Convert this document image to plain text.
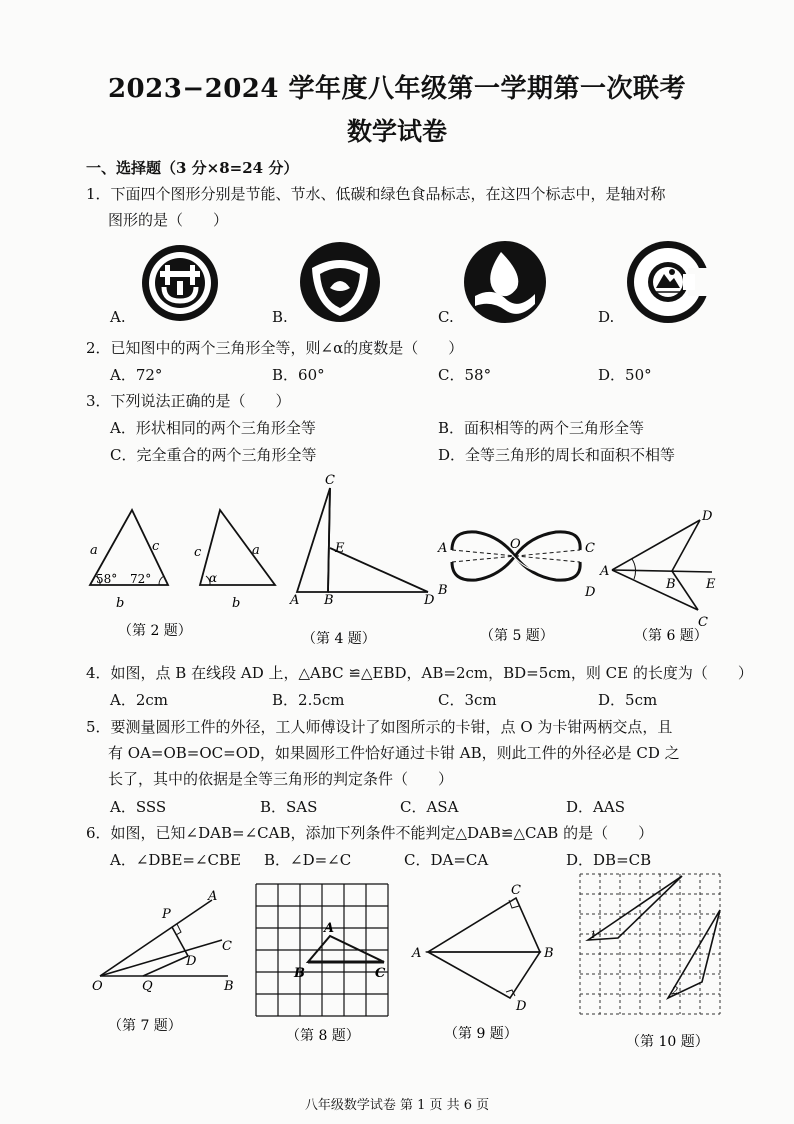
2023−2024 学年度八年级第一学期第一次联考
数学试卷
一、选择题（3 分×8=24 分）
1．下面四个图形分别是节能、节水、低碳和绿色食品标志，在这四个标志中，是轴对称
图形的是（　　）
A.	B.	C.	D.
2．已知图中的两个三角形全等，则∠α的度数是（　　）
A．72°	B．60°	C．58°	D．50°
3．下列说法正确的是（　　）
A．形状相同的两个三角形全等	B．面积相等的两个三角形全等
C．完全重合的两个三角形全等	D．全等三角形的周长和面积不相等
a	c
b
58° 72°
c	a
b
α
（第 2 题）
C
E
A B	D
（第 4 题）
A	O	C
B	D
（第 5 题）
D
A
B E
C
（第 6 题）
4．如图，点 B 在线段 AD 上，△ABC ≌△EBD，AB=2cm，BD=5cm，则 CE 的长度为（　　）
A．2cm	B．2.5cm	C．3cm	D．5cm
5．要测量圆形工件的外径，工人师傅设计了如图所示的卡钳，点 O 为卡钳两柄交点，且
有 OA=OB=OC=OD，如果圆形工件恰好通过卡钳 AB，则此工件的外径必是 CD 之
长了，其中的依据是全等三角形的判定条件（　　）
A．SSS	B．SAS	C．ASA	D．AAS
6．如图，已知∠DAB=∠CAB，添加下列条件不能判定△DAB≌△CAB 的是（　　）
A．∠DBE=∠CBE B．∠D=∠C	C．DA=CA	D．DB=CB
A
P
C
D
O	Q	B
（第 7 题）
A
B	C
（第 8 题）
C
A	B
D
（第 9 题）
1
2
（第 10 题）
八年级数学试卷 第 1 页 共 6 页
